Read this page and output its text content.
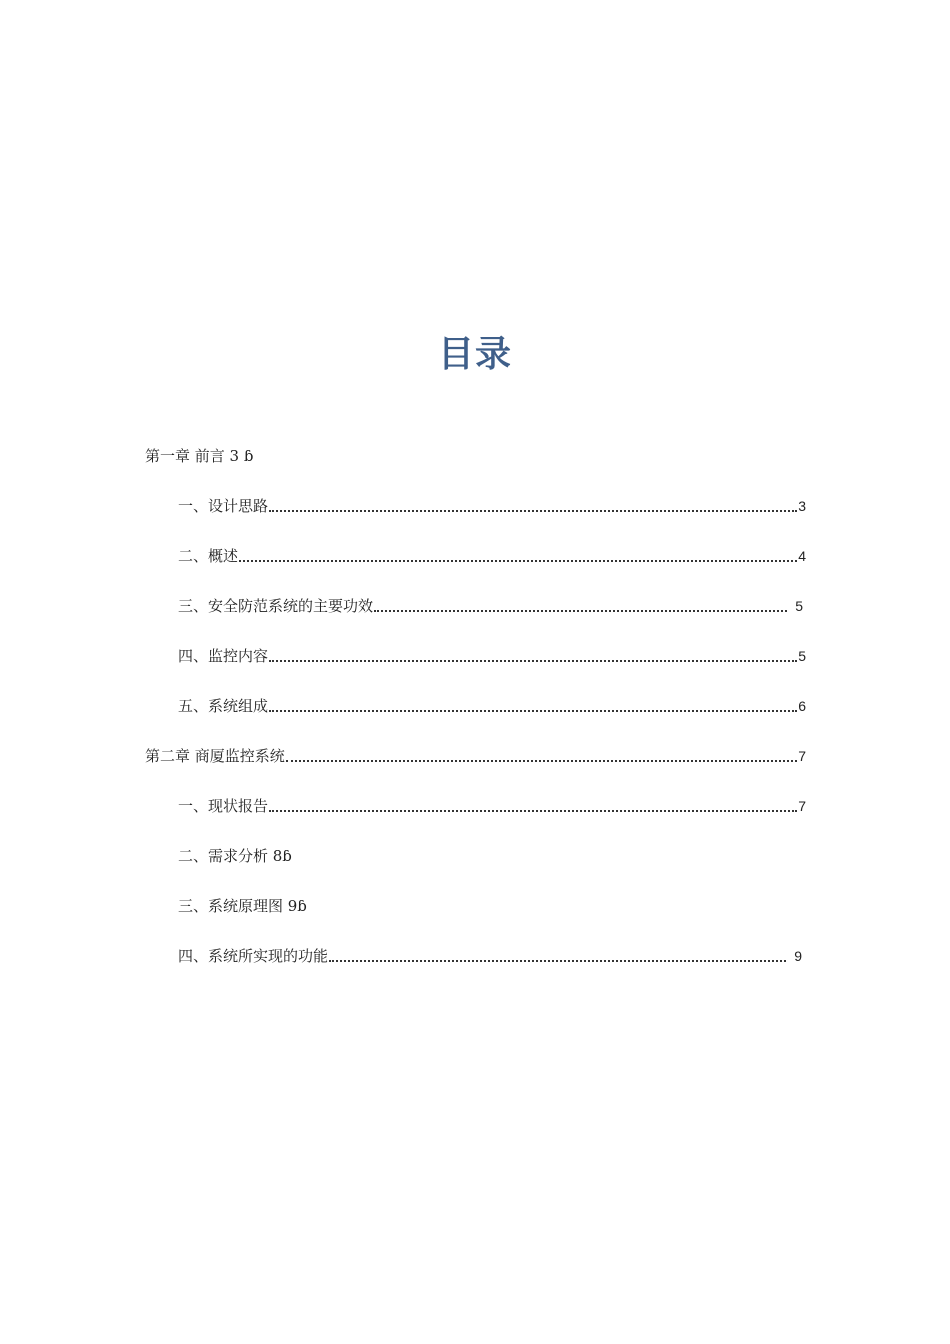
目录
第一章 前言 3 ɓ
一、设计思路	3
二、概述	4
三、安全防范系统的主要功效	5
四、监控内容	5
五、系统组成	6
第二章 商厦监控系统	7
一、现状报告	7
二、需求分析 8ɓ
三、系统原理图 9ɓ
四、系统所实现的功能	9
